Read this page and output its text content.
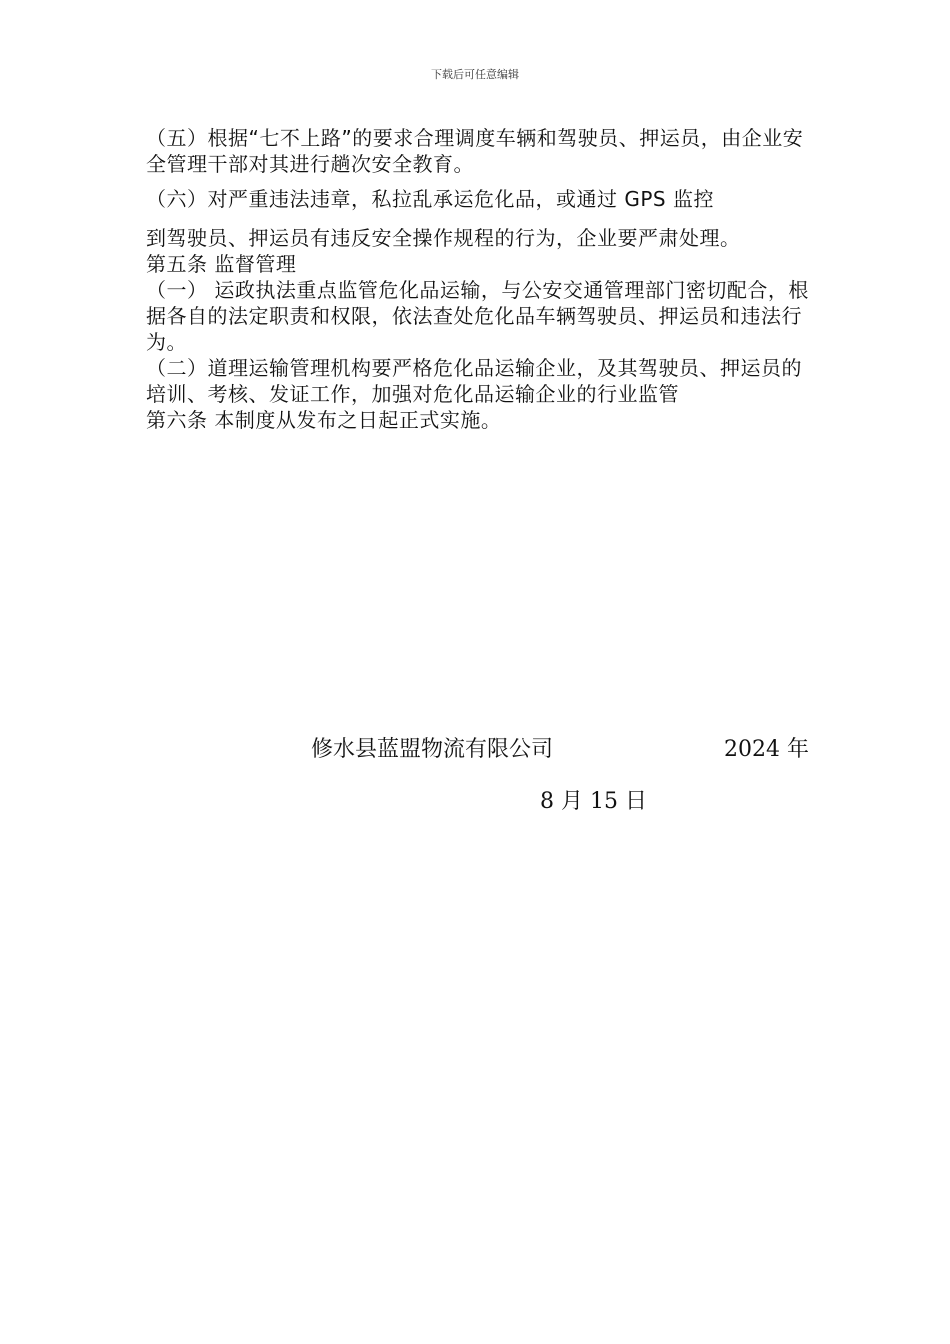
下载后可任意编辑

（五）根据“七不上路”的要求合理调度车辆和驾驶员、押运员，由企业安全管理干部对其进行趟次安全教育。

（六）对严重违法违章，私拉乱承运危化品，或通过 GPS 监控

到驾驶员、押运员有违反安全操作规程的行为，企业要严肃处理。
第五条 监督管理
（一） 运政执法重点监管危化品运输，与公安交通管理部门密切配合，根据各自的法定职责和权限，依法查处危化品车辆驾驶员、押运员和违法行为。
（二）道理运输管理机构要严格危化品运输企业，及其驾驶员、押运员的培训、考核、发证工作，加强对危化品运输企业的行业监管
第六条 本制度从发布之日起正式实施。
修水县蓝盟物流有限公司	2024 年
8 月 15 日
